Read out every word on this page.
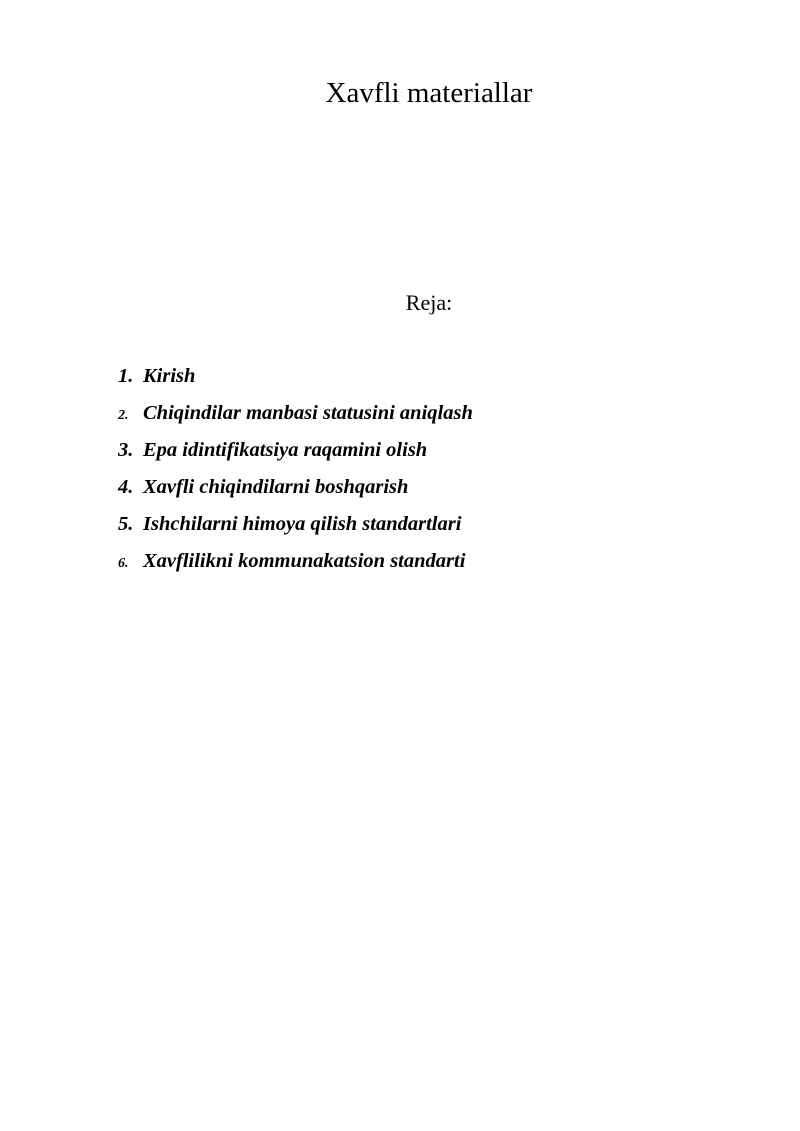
Xavfli materiallar
Reja:
1. Kirish
2. Chiqindilar manbasi statusini aniqlash
3. Epa idintifikatsiya raqamini olish
4. Xavfli chiqindilarni boshqarish
5. Ishchilarni himoya qilish standartlari
6. Xavflilikni kommunakatsion standarti
